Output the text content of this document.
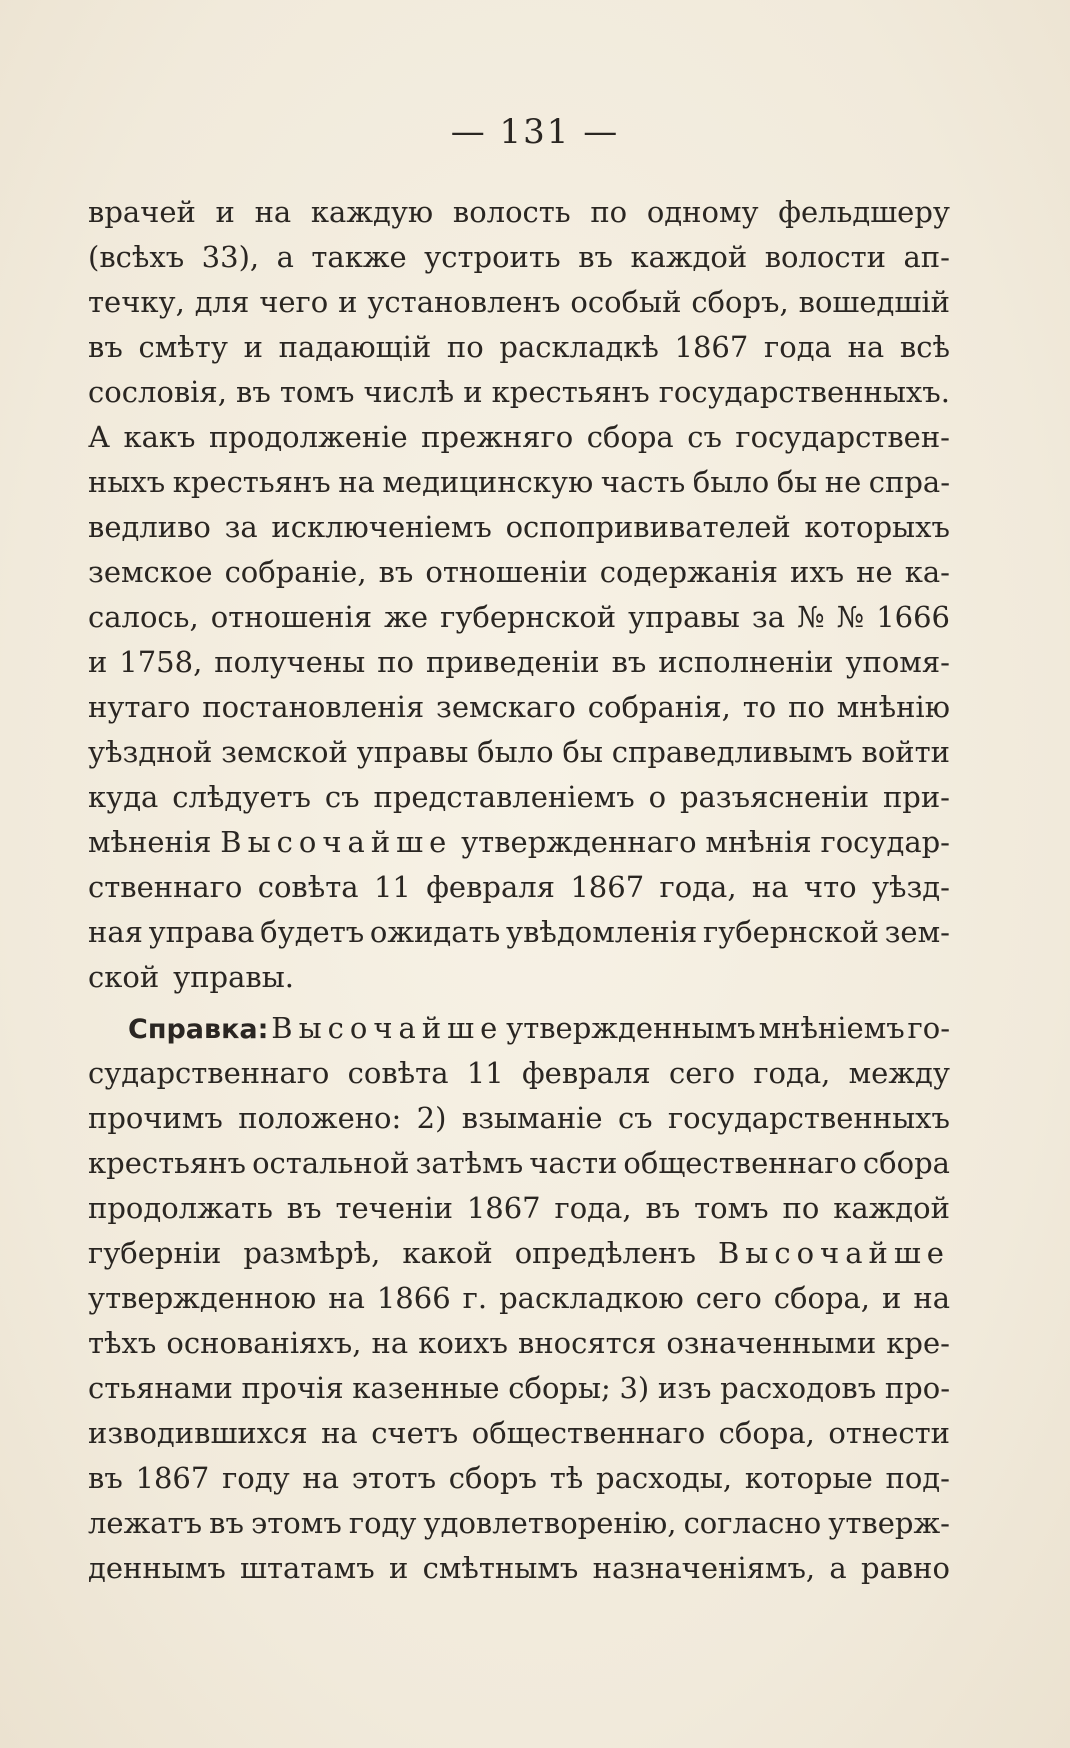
— 131 —
врачей и на каждую волость по одному фельдшеру
(всѣхъ 33), а также устроить въ каждой волости ап-
течку, для чего и установленъ особый сборъ, вошедшій
въ смѣту и падающій по раскладкѣ 1867 года на всѣ
сословія, въ томъ числѣ и крестьянъ государственныхъ.
А какъ продолженіе прежняго сбора съ государствен-
ныхъ крестьянъ на медицинскую часть было бы не спра-
ведливо за исключеніемъ оспопрививателей которыхъ
земское собраніе, въ отношеніи содержанія ихъ не ка-
салось, отношенія же губернской управы за № № 1666
и 1758, получены по приведеніи въ исполненіи упомя-
нутаго постановленія земскаго собранія, то по мнѣнію
уѣздной земской управы было бы справедливымъ войти
куда слѣдуетъ съ представленіемъ о разъясненіи при-
мѣненія Высочайше утвержденнаго мнѣнія государ-
ственнаго совѣта 11 февраля 1867 года, на что уѣзд-
ная управа будетъ ожидать увѣдомленія губернской зем-
ской управы.
Справка: Высочайше утвержденнымъ мнѣніемъ го-
сударственнаго совѣта 11 февраля сего года, между
прочимъ положено: 2) взыманіе съ государственныхъ
крестьянъ остальной затѣмъ части общественнаго сбора
продолжать въ теченіи 1867 года, въ томъ по каждой
губерніи размѣрѣ, какой опредѣленъ Высочайше
утвержденною на 1866 г. раскладкою сего сбора, и на
тѣхъ основаніяхъ, на коихъ вносятся означенными кре-
стьянами прочія казенные сборы; 3) изъ расходовъ про-
изводившихся на счетъ общественнаго сбора, отнести
въ 1867 году на этотъ сборъ тѣ расходы, которые под-
лежатъ въ этомъ году удовлетворенію, согласно утверж-
деннымъ штатамъ и смѣтнымъ назначеніямъ, а равно
